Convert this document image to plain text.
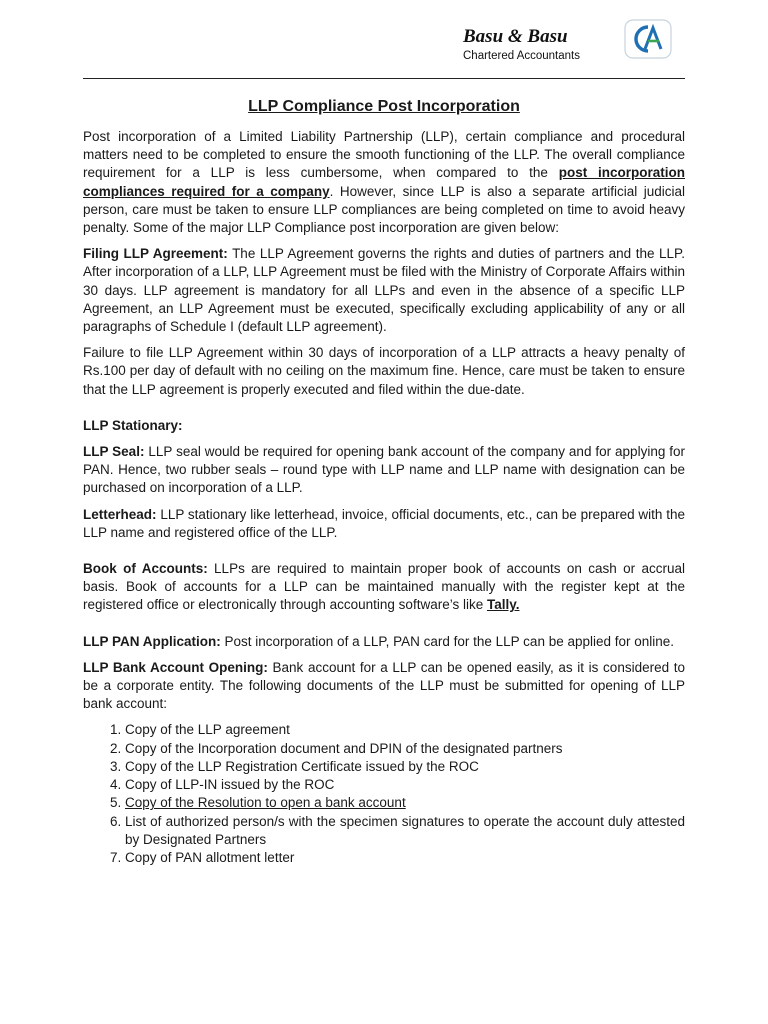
Basu & Basu
Chartered Accountants
LLP Compliance Post Incorporation

Post incorporation of a Limited Liability Partnership (LLP), certain compliance and procedural matters need to be completed to ensure the smooth functioning of the LLP. The overall compliance requirement for a LLP is less cumbersome, when compared to the post incorporation compliances required for a company. However, since LLP is also a separate artificial judicial person, care must be taken to ensure LLP compliances are being completed on time to avoid heavy penalty. Some of the major LLP Compliance post incorporation are given below:

Filing LLP Agreement: The LLP Agreement governs the rights and duties of partners and the LLP. After incorporation of a LLP, LLP Agreement must be filed with the Ministry of Corporate Affairs within 30 days. LLP agreement is mandatory for all LLPs and even in the absence of a specific LLP Agreement, an LLP Agreement must be executed, specifically excluding applicability of any or all paragraphs of Schedule I (default LLP agreement).

Failure to file LLP Agreement within 30 days of incorporation of a LLP attracts a heavy penalty of Rs.100 per day of default with no ceiling on the maximum fine. Hence, care must be taken to ensure that the LLP agreement is properly executed and filed within the due-date.

LLP Stationary:

LLP Seal: LLP seal would be required for opening bank account of the company and for applying for PAN. Hence, two rubber seals – round type with LLP name and LLP name with designation can be purchased on incorporation of a LLP.

Letterhead: LLP stationary like letterhead, invoice, official documents, etc., can be prepared with the LLP name and registered office of the LLP.

Book of Accounts: LLPs are required to maintain proper book of accounts on cash or accrual basis. Book of accounts for a LLP can be maintained manually with the register kept at the registered office or electronically through accounting software’s like Tally.

LLP PAN Application: Post incorporation of a LLP, PAN card for the LLP can be applied for online.

LLP Bank Account Opening: Bank account for a LLP can be opened easily, as it is considered to be a corporate entity. The following documents of the LLP must be submitted for opening of LLP bank account:

1. Copy of the LLP agreement
2. Copy of the Incorporation document and DPIN of the designated partners
3. Copy of the LLP Registration Certificate issued by the ROC
4. Copy of LLP-IN issued by the ROC
5. Copy of the Resolution to open a bank account
6. List of authorized person/s with the specimen signatures to operate the account duly attested by Designated Partners
7. Copy of PAN allotment letter
